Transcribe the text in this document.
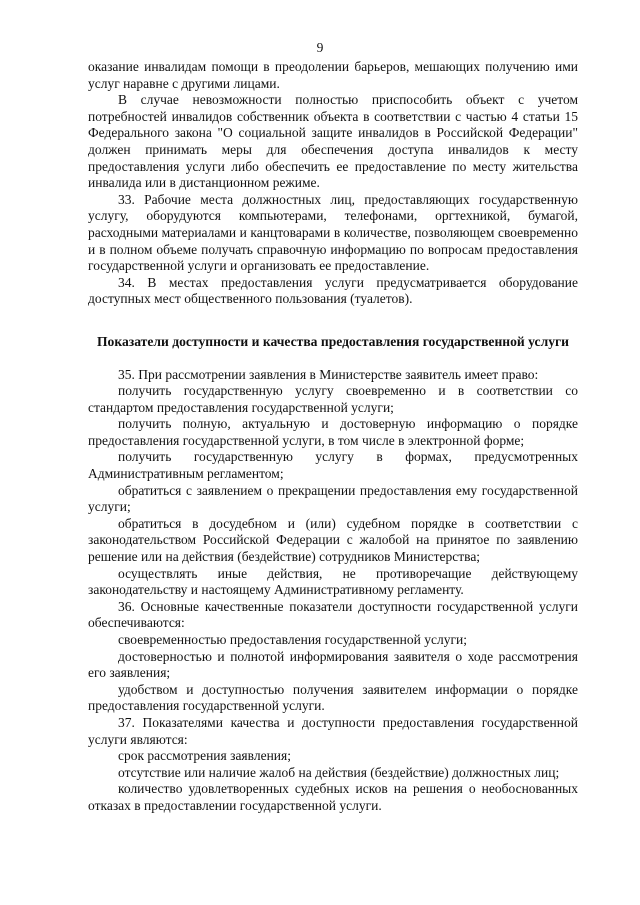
9

оказание инвалидам помощи в преодолении барьеров, мешающих получению ими услуг наравне с другими лицами.

В случае невозможности полностью приспособить объект с учетом потребностей инвалидов собственник объекта в соответствии с частью 4 статьи 15 Федерального закона "О социальной защите инвалидов в Российской Федерации" должен принимать меры для обеспечения доступа инвалидов к месту предоставления услуги либо обеспечить ее предоставление по месту жительства инвалида или в дистанционном режиме.

33. Рабочие места должностных лиц, предоставляющих государственную услугу, оборудуются компьютерами, телефонами, оргтехникой, бумагой, расходными материалами и канцтоварами в количестве, позволяющем своевременно и в полном объеме получать справочную информацию по вопросам предоставления государственной услуги и организовать ее предоставление.

34. В местах предоставления услуги предусматривается оборудование доступных мест общественного пользования (туалетов).

Показатели доступности и качества предоставления государственной услуги

35. При рассмотрении заявления в Министерстве заявитель имеет право:

получить государственную услугу своевременно и в соответствии со стандартом предоставления государственной услуги;

получить полную, актуальную и достоверную информацию о порядке предоставления государственной услуги, в том числе в электронной форме;

получить государственную услугу в формах, предусмотренных Административным регламентом;

обратиться с заявлением о прекращении предоставления ему государственной услуги;

обратиться в досудебном и (или) судебном порядке в соответствии с законодательством Российской Федерации с жалобой на принятое по заявлению решение или на действия (бездействие) сотрудников Министерства;

осуществлять иные действия, не противоречащие действующему законодательству и настоящему Административному регламенту.

36. Основные качественные показатели доступности государственной услуги обеспечиваются:

своевременностью предоставления государственной услуги;

достоверностью и полнотой информирования заявителя о ходе рассмотрения его заявления;

удобством и доступностью получения заявителем информации о порядке предоставления государственной услуги.

37. Показателями качества и доступности предоставления государственной услуги являются:

срок рассмотрения заявления;

отсутствие или наличие жалоб на действия (бездействие) должностных лиц;

количество удовлетворенных судебных исков на решения о необоснованных отказах в предоставлении государственной услуги.
